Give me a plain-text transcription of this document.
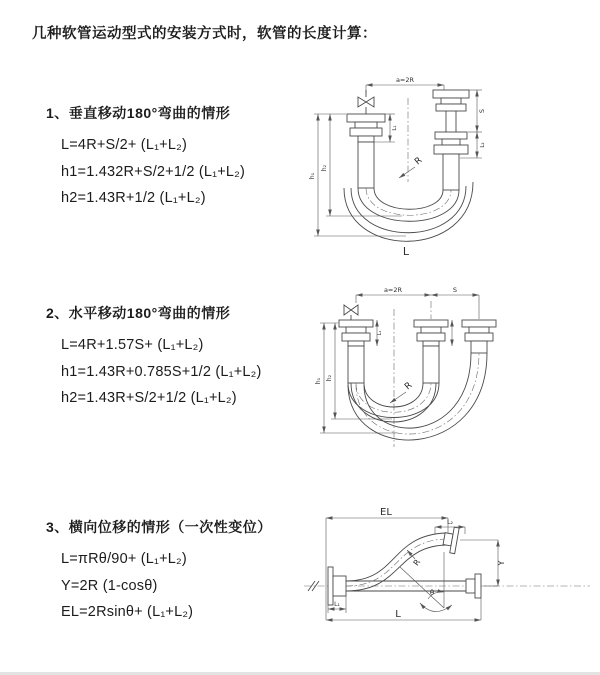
几种软管运动型式的安装方式时，软管的长度计算：
1、垂直移动180°弯曲的情形
L=4R+S/2+ (L₁+L₂)
h1=1.432R+S/2+1/2 (L₁+L₂)
h2=1.43R+1/2 (L₁+L₂)
2、水平移动180°弯曲的情形
L=4R+1.57S+ (L₁+L₂)
h1=1.43R+0.785S+1/2 (L₁+L₂)
h2=1.43R+S/2+1/2 (L₁+L₂)
3、横向位移的情形（一次性变位）
L=πRθ/90+ (L₁+L₂)
Y=2R (1-cosθ)
EL=2Rsinθ+ (L₁+L₂)
a=2R
h₁
h₂
L₁
S
L₂
R
L
a=2R	S
L₁
h₁ h₂
R
EL
L₂
Y
θ
R
L₁
L
